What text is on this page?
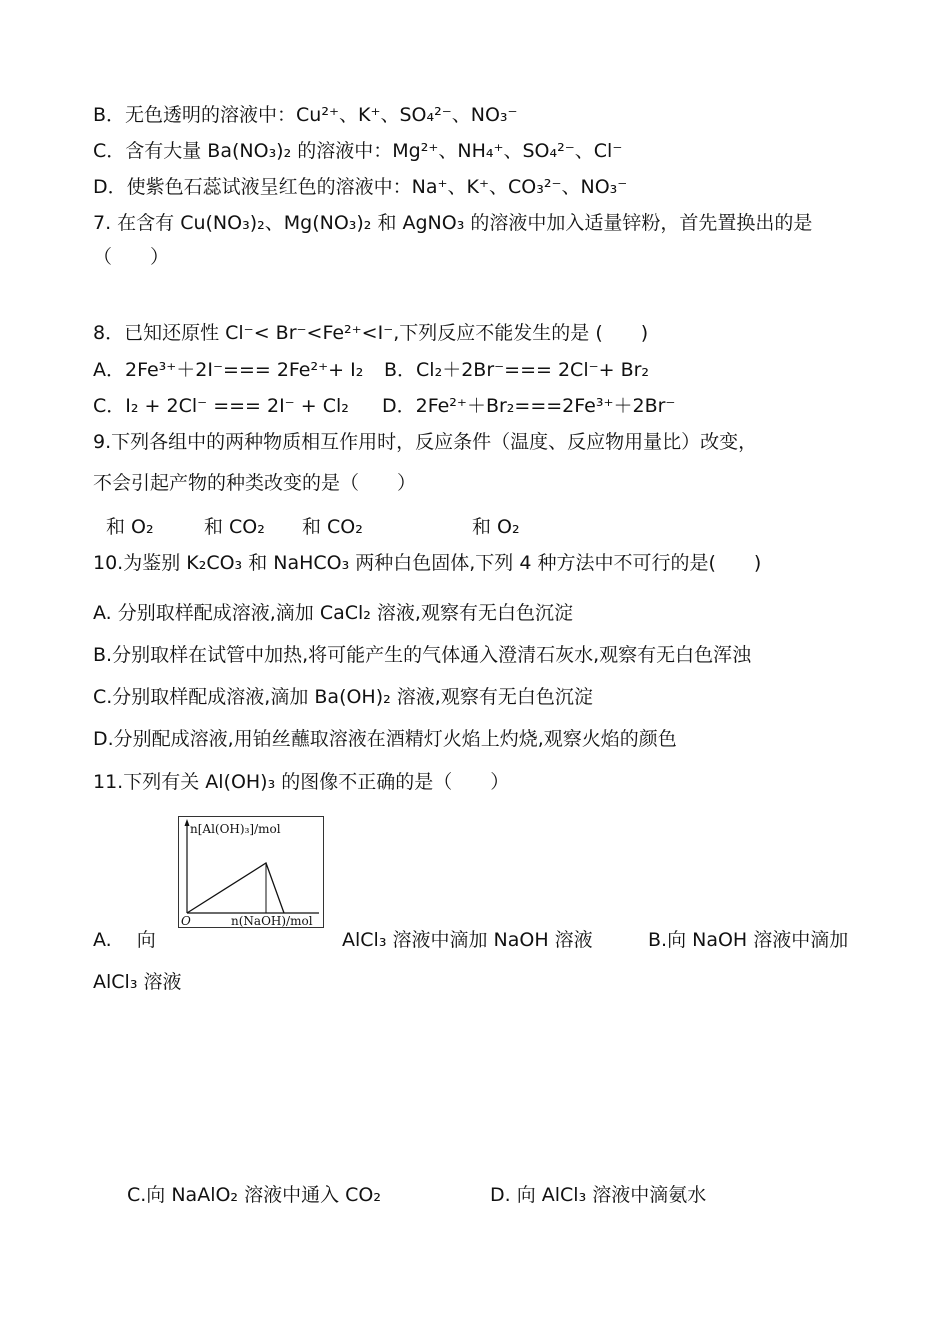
B．无色透明的溶液中：Cu²⁺、K⁺、SO₄²⁻、NO₃⁻
C．含有大量 Ba(NO₃)₂ 的溶液中：Mg²⁺、NH₄⁺、SO₄²⁻、Cl⁻
D．使紫色石蕊试液呈红色的溶液中：Na⁺、K⁺、CO₃²⁻、NO₃⁻
7. 在含有 Cu(NO₃)₂、Mg(NO₃)₂ 和 AgNO₃ 的溶液中加入适量锌粉，首先置换出的是
（　　）
8．已知还原性 Cl⁻< Br⁻<Fe²⁺<I⁻,下列反应不能发生的是 (　　)
A．2Fe³⁺＋2I⁻=== 2Fe²⁺+ I₂ B．Cl₂＋2Br⁻=== 2Cl⁻+ Br₂
C．I₂ + 2Cl⁻ === 2I⁻ + Cl₂ D．2Fe²⁺＋Br₂===2Fe³⁺＋2Br⁻
9.下列各组中的两种物质相互作用时，反应条件（温度、反应物用量比）改变，
不会引起产物的种类改变的是（　　）
和 O₂	和 CO₂ 和 CO₂	和 O₂
10.为鉴别 K₂CO₃ 和 NaHCO₃ 两种白色固体,下列 4 种方法中不可行的是(　　)
A. 分别取样配成溶液,滴加 CaCl₂ 溶液,观察有无白色沉淀
B.分别取样在试管中加热,将可能产生的气体通入澄清石灰水,观察有无白色浑浊
C.分别取样配成溶液,滴加 Ba(OH)₂ 溶液,观察有无白色沉淀
D.分别配成溶液,用铂丝蘸取溶液在酒精灯火焰上灼烧,观察火焰的颜色
11.下列有关 Al(OH)₃ 的图像不正确的是（　　）
n[Al(OH)₃]/mol
n(NaOH)/mol
O
A.　 向	AlCl₃ 溶液中滴加 NaOH 溶液	B.向 NaOH 溶液中滴加
AlCl₃ 溶液
C.向 NaAlO₂ 溶液中通入 CO₂	D. 向 AlCl₃ 溶液中滴氨水
